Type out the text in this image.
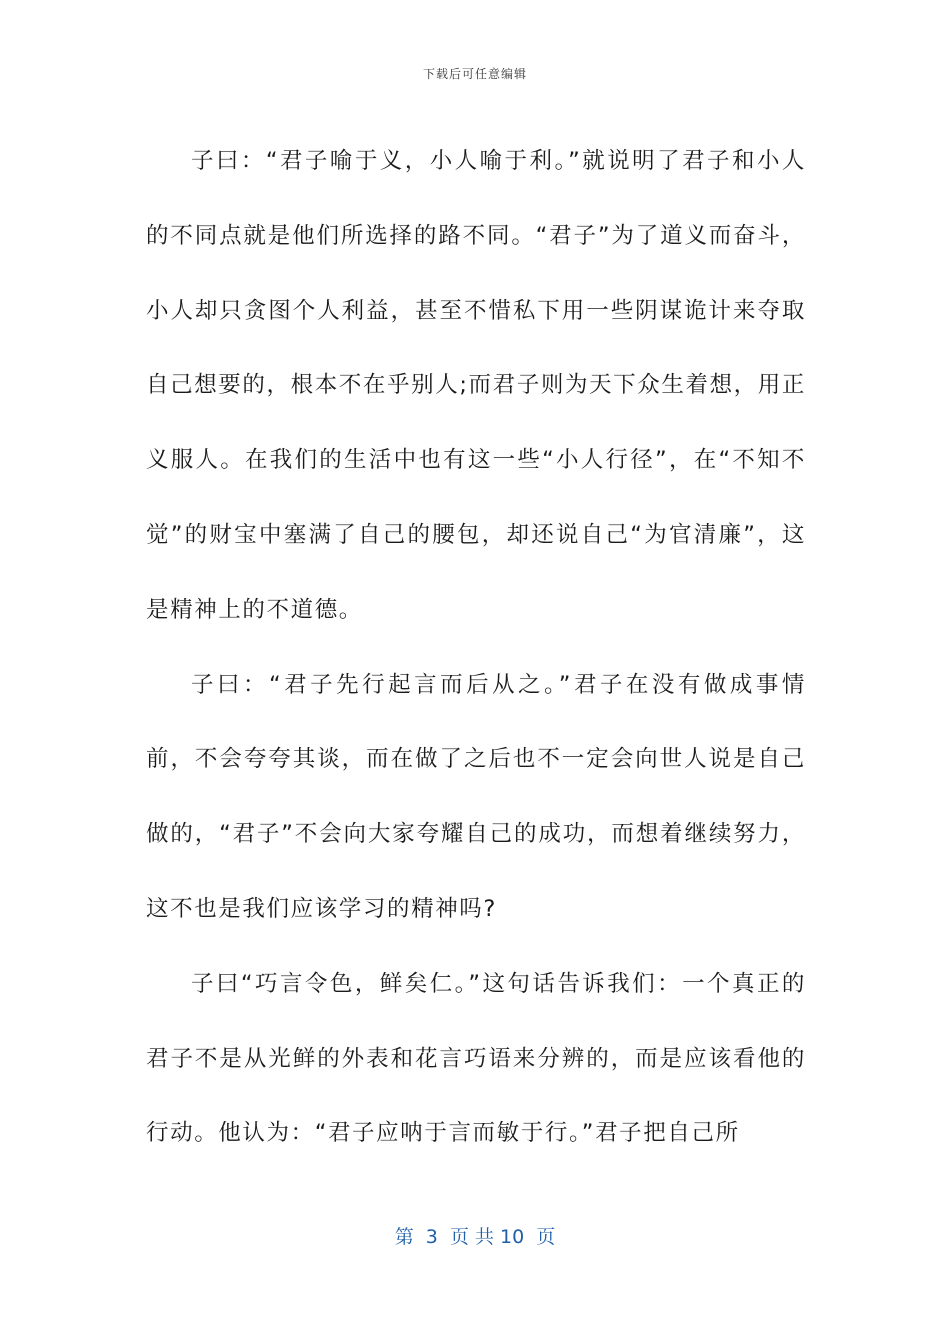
下载后可任意编辑

子曰：“君子喻于义，小人喻于利。”就说明了君子和小人的不同点就是他们所选择的路不同。“君子”为了道义而奋斗，小人却只贪图个人利益，甚至不惜私下用一些阴谋诡计来夺取自己想要的，根本不在乎别人;而君子则为天下众生着想，用正义服人。在我们的生活中也有这一些“小人行径”，在“不知不觉”的财宝中塞满了自己的腰包，却还说自己“为官清廉”，这是精神上的不道德。

子曰：“君子先行起言而后从之。”君子在没有做成事情前，不会夸夸其谈，而在做了之后也不一定会向世人说是自己做的，“君子”不会向大家夸耀自己的成功，而想着继续努力，这不也是我们应该学习的精神吗?

子曰“巧言令色，鲜矣仁。”这句话告诉我们：一个真正的君子不是从光鲜的外表和花言巧语来分辨的，而是应该看他的行动。他认为：“君子应呐于言而敏于行。”君子把自己所

第  3  页 共 10  页
